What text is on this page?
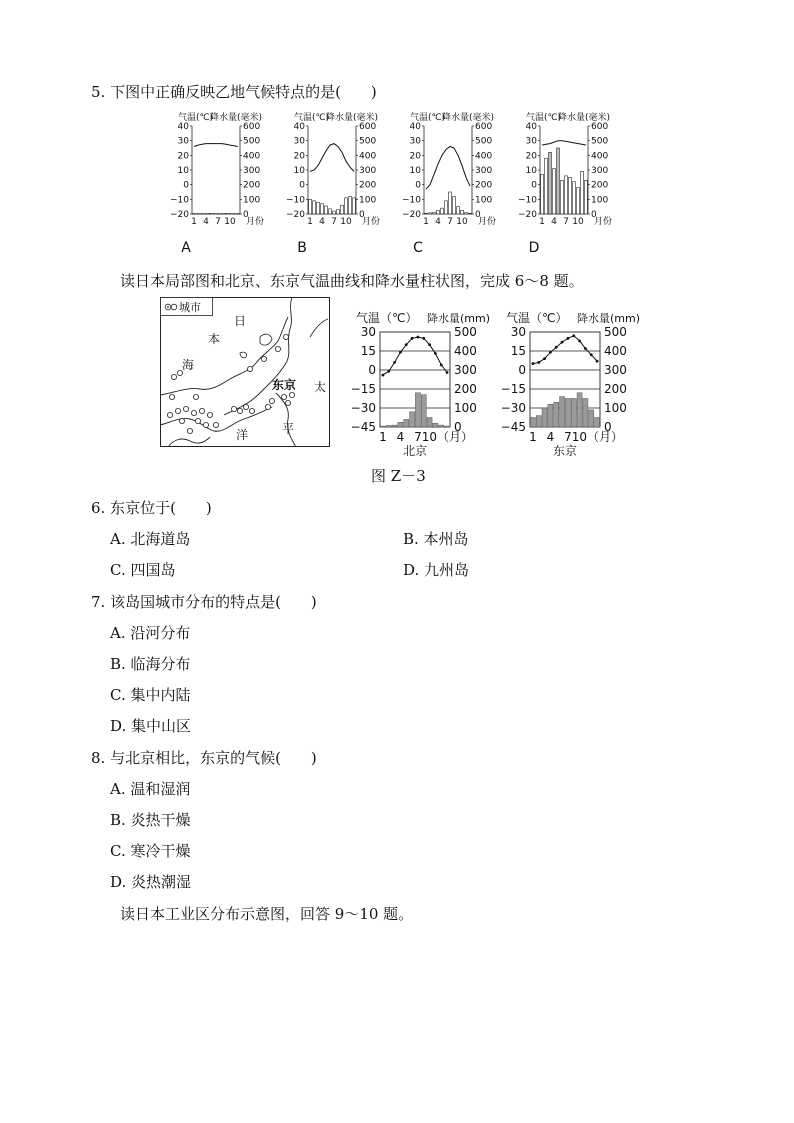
5. 下图中正确反映乙地气候特点的是(　　)
气温(℃)
降水量(毫米)
40
30
20
10
0
−10
−20
600
500
400
300
200
100
0
1 4 7 10 月份
A
气温(℃)
降水量(毫米)
40
30
20
10
0
−10
−20
600
500
400
300
200
100
0
1 4 7 10 月份
B
气温(℃)
降水量(毫米)
40
30
20
10
0
−10
−20
600
500
400
300
200
100
0
1 4 7 10 月份
C
气温(℃)
降水量(毫米)
40
30
20
10
0
−10
−20
600
500
400
300
200
100
0
1 4 7 10 月份
D
读日本局部图和北京、东京气温曲线和降水量柱状图，完成 6～8 题。
城市
日
本
海
东京 太
平
洋
气温（℃） 降水量(mm)
30
15
0
−15
−30
−45
500
400
300
200
100
0
1 4 7 10（月）
北京
气温（℃） 降水量(mm)
30
15
0
−15
−30
−45
500
400
300
200
100
0
1 4 7 10（月）
东京
图 Z－3
6. 东京位于(　　)
A. 北海道岛	B. 本州岛
C. 四国岛	D. 九州岛
7. 该岛国城市分布的特点是(　　)
A. 沿河分布
B. 临海分布
C. 集中内陆
D. 集中山区
8. 与北京相比，东京的气候(　　)
A. 温和湿润
B. 炎热干燥
C. 寒冷干燥
D. 炎热潮湿
读日本工业区分布示意图，回答 9～10 题。
